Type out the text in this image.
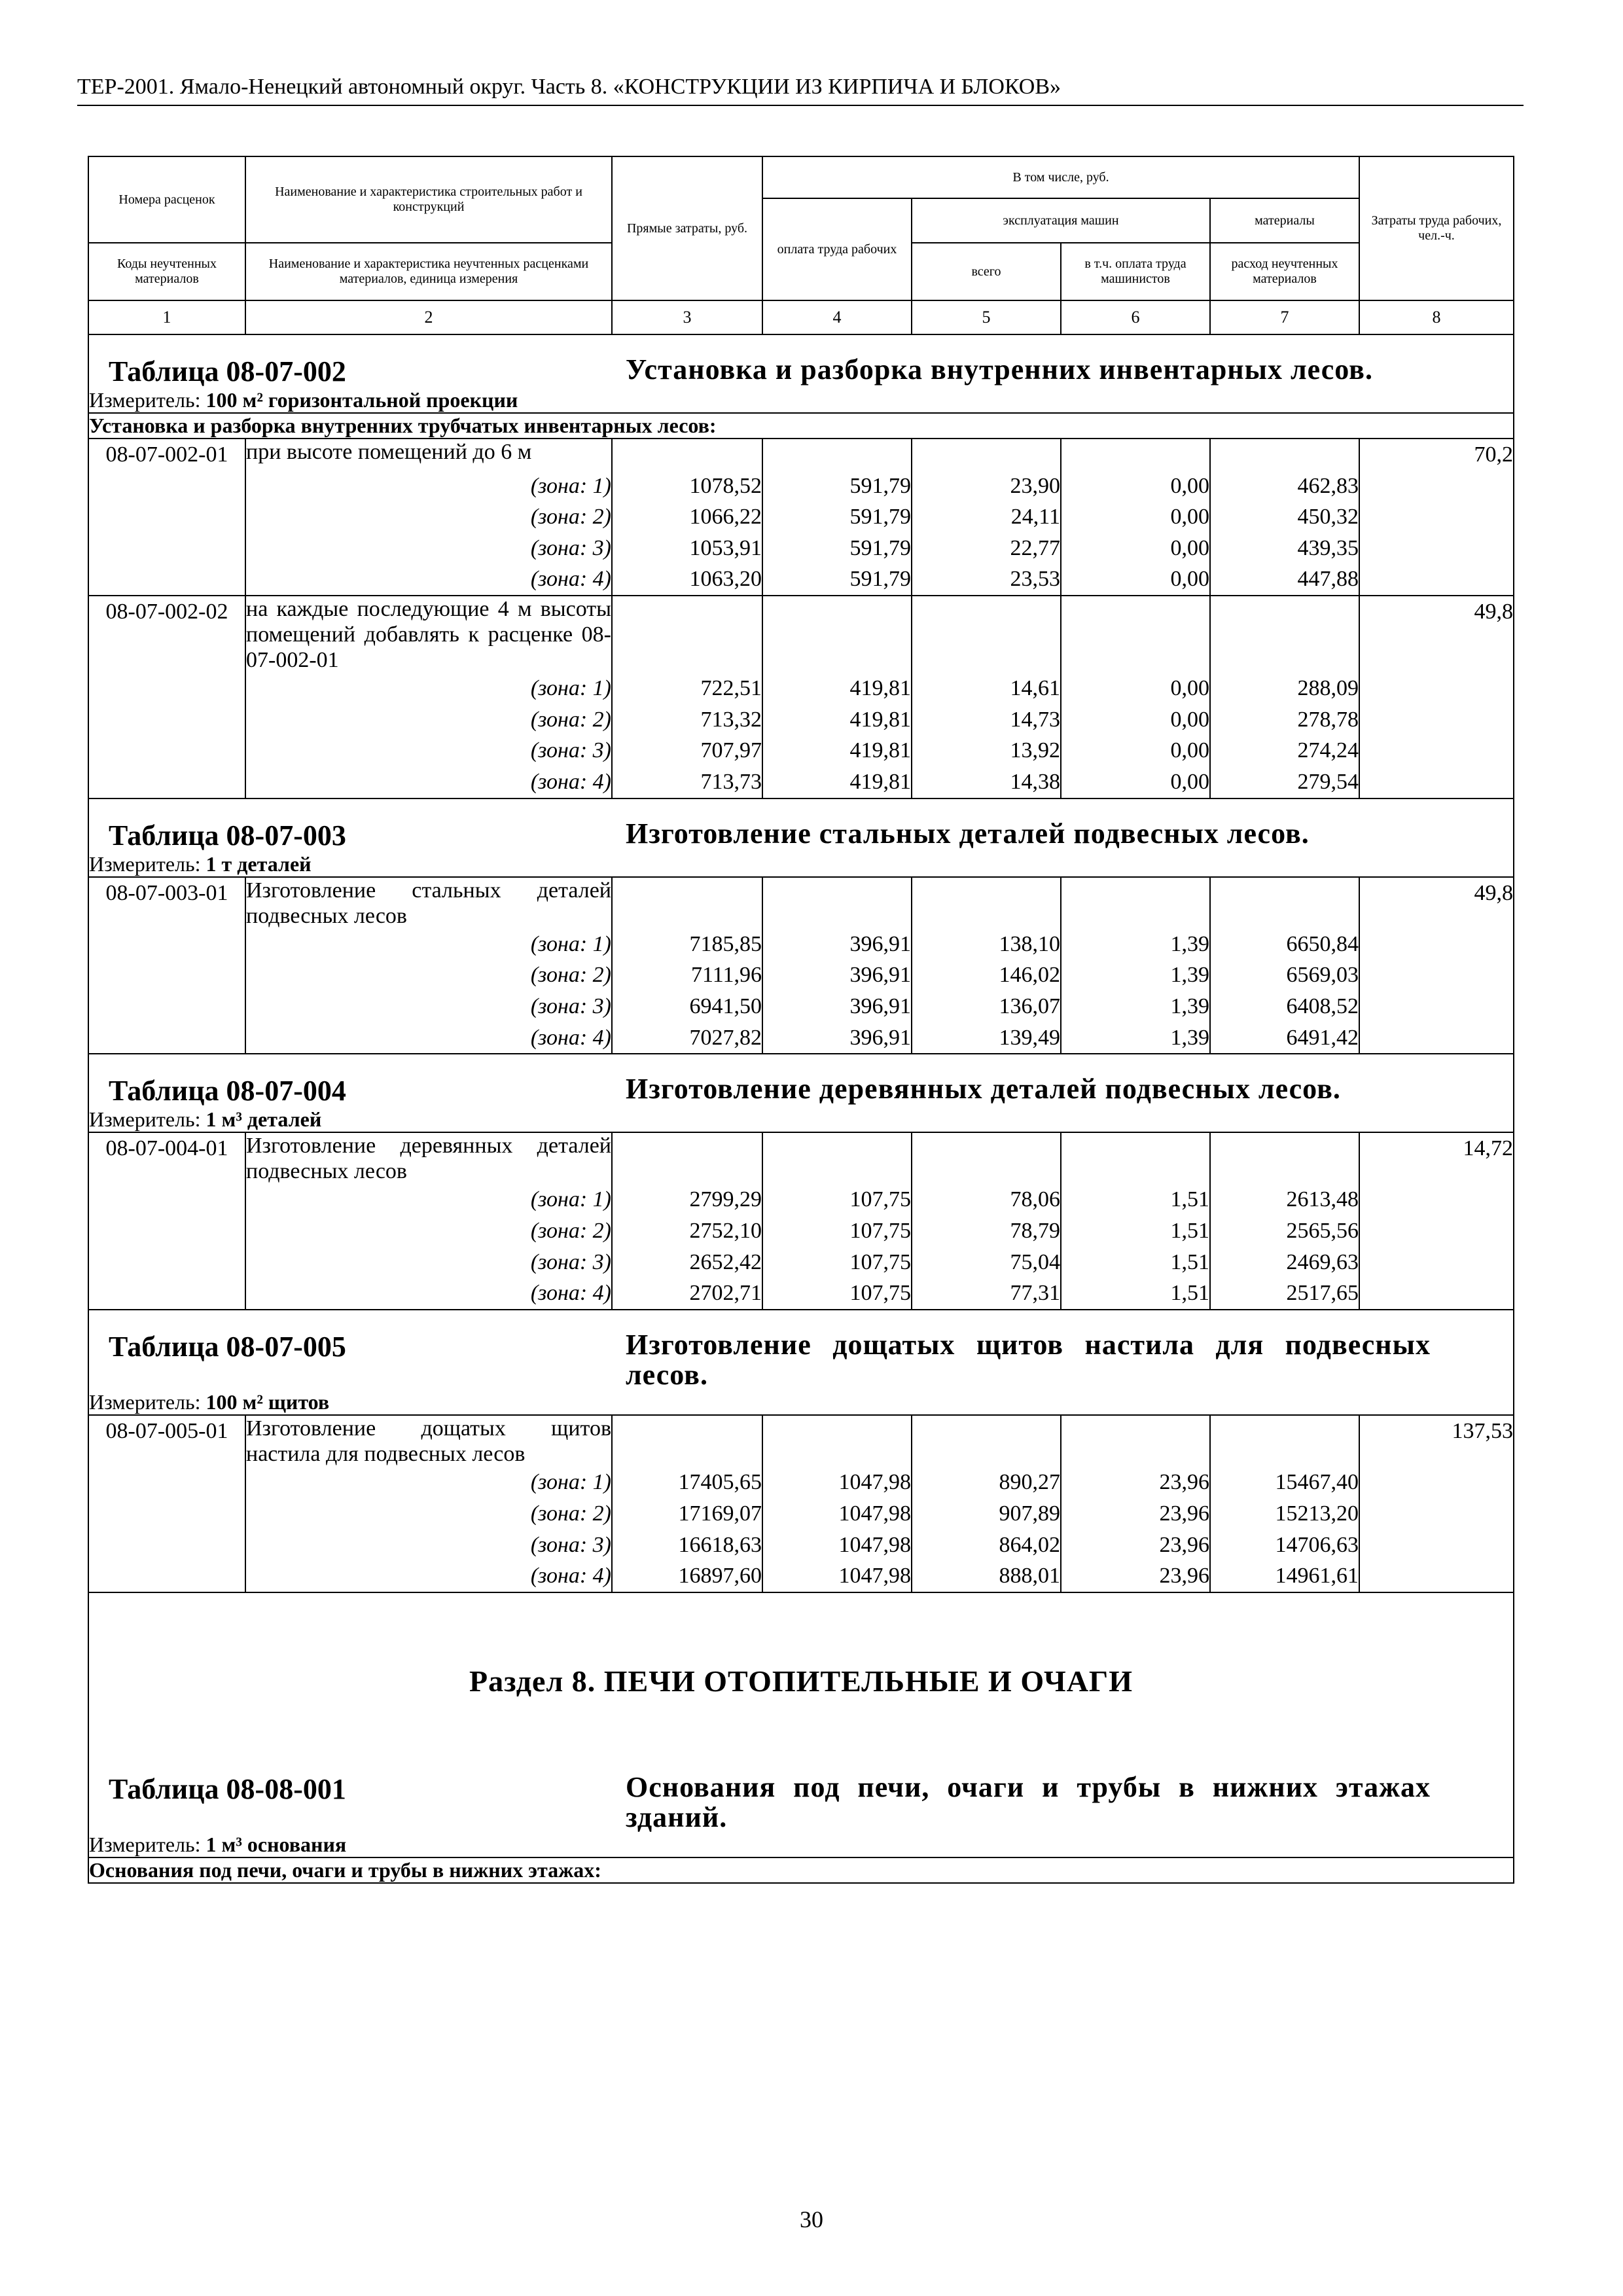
ТЕР-2001. Ямало-Ненецкий автономный округ. Часть 8. «КОНСТРУКЦИИ ИЗ КИРПИЧА И БЛОКОВ»
Номера расценок	Наименование и характеристика строительных работ и конструкций	Прямые затраты, руб.	В том числе, руб.				Затраты труда рабочих, чел.-ч.
			оплата труда рабочих	эксплуатация машин		материалы	
Коды неучтенных материалов	Наименование и характеристика неучтенных расценками материалов, единица измерения			всего	в т.ч. оплата труда машинистов	расход неучтенных материалов	

1	2	3	4	5	6	7	8

Таблица 08-07-002 Установка и разборка внутренних инвентарных лесов.							

Измеритель: 100 м² горизонтальной проекции							
Установка и разборка внутренних трубчатых инвентарных лесов:							
08-07-002-01	при высоте помещений до 6 м						70,2
	(зона: 1)	1078,52	591,79	23,90	0,00	462,83	
	(зона: 2)	1066,22	591,79	24,11	0,00	450,32	
	(зона: 3)	1053,91	591,79	22,77	0,00	439,35	
	(зона: 4)	1063,20	591,79	23,53	0,00	447,88	
08-07-002-02	на каждые последующие 4 м высоты помещений добавлять к расценке 08-07-002-01						49,8
	(зона: 1)	722,51	419,81	14,61	0,00	288,09	
	(зона: 2)	713,32	419,81	14,73	0,00	278,78	
	(зона: 3)	707,97	419,81	13,92	0,00	274,24	
	(зона: 4)	713,73	419,81	14,38	0,00	279,54	

Таблица 08-07-003 Изготовление стальных деталей подвесных лесов.							

Измеритель: 1 т деталей							
08-07-003-01	Изготовление стальных деталей подвесных лесов						49,8
	(зона: 1)	7185,85	396,91	138,10	1,39	6650,84	
	(зона: 2)	7111,96	396,91	146,02	1,39	6569,03	
	(зона: 3)	6941,50	396,91	136,07	1,39	6408,52	
	(зона: 4)	7027,82	396,91	139,49	1,39	6491,42	

Таблица 08-07-004 Изготовление деревянных деталей подвесных лесов.							

Измеритель: 1 м³ деталей							
08-07-004-01	Изготовление деревянных деталей подвесных лесов						14,72
	(зона: 1)	2799,29	107,75	78,06	1,51	2613,48	
	(зона: 2)	2752,10	107,75	78,79	1,51	2565,56	
	(зона: 3)	2652,42	107,75	75,04	1,51	2469,63	
	(зона: 4)	2702,71	107,75	77,31	1,51	2517,65	

Таблица 08-07-005 Изготовление дощатых щитов настила для подвесных лесов.							

Измеритель: 100 м² щитов							
08-07-005-01	Изготовление дощатых щитов настила для подвесных лесов						137,53
	(зона: 1)	17405,65	1047,98	890,27	23,96	15467,40	
	(зона: 2)	17169,07	1047,98	907,89	23,96	15213,20	
	(зона: 3)	16618,63	1047,98	864,02	23,96	14706,63	
	(зона: 4)	16897,60	1047,98	888,01	23,96	14961,61	

Раздел 8. ПЕЧИ ОТОПИТЕЛЬНЫЕ И ОЧАГИ							

Таблица 08-08-001 Основания под печи, очаги и трубы в нижних этажах зданий.							

Измеритель: 1 м³ основания							
Основания под печи, очаги и трубы в нижних этажах:							
30
